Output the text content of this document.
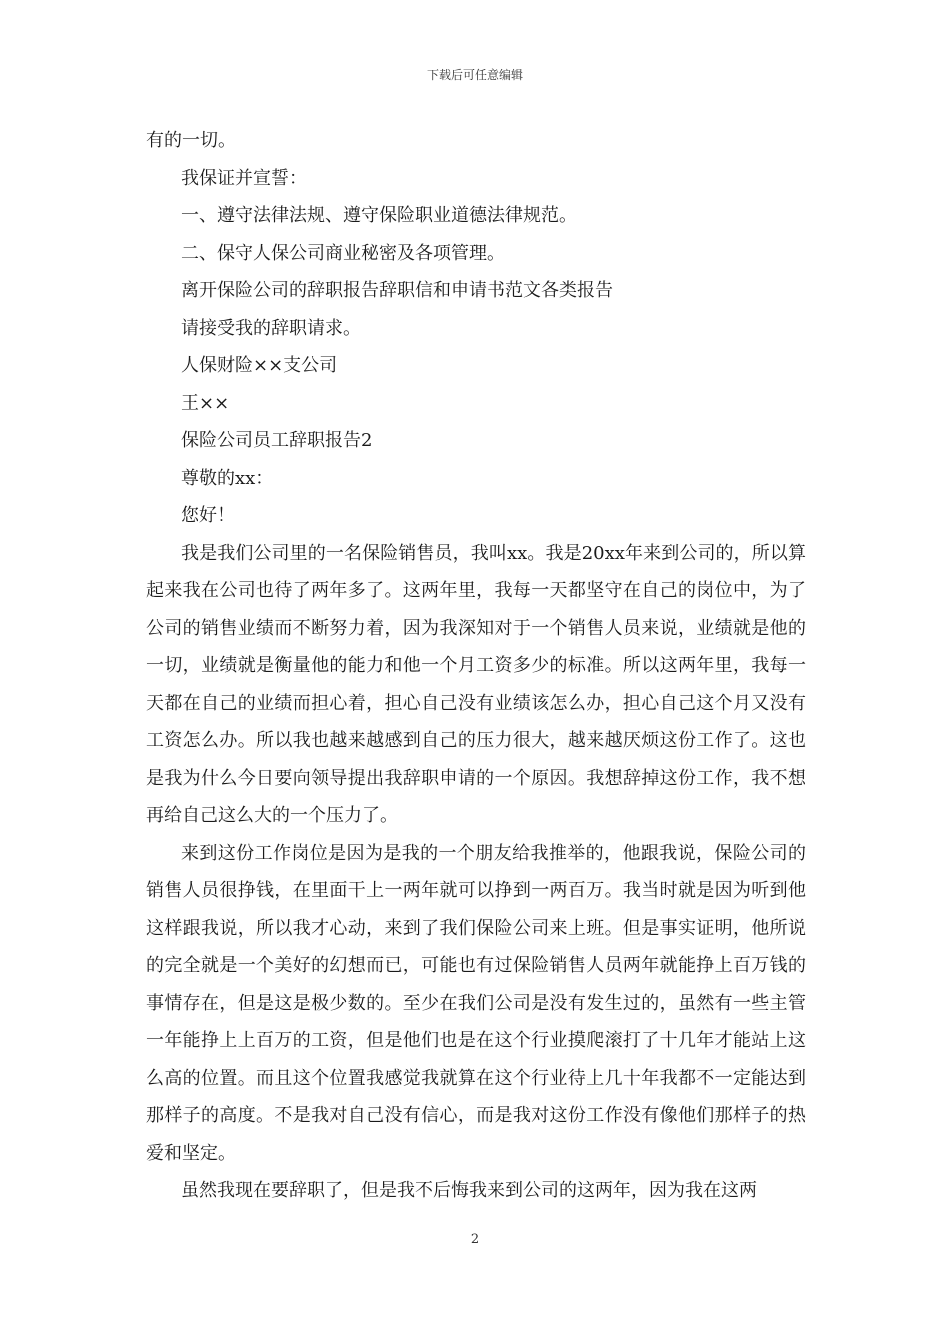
下载后可任意编辑

有的一切。

我保证并宣誓：

一、遵守法律法规、遵守保险职业道德法律规范。

二、保守人保公司商业秘密及各项管理。

离开保险公司的辞职报告辞职信和申请书范文各类报告

请接受我的辞职请求。

人保财险××支公司

王××

保险公司员工辞职报告2

尊敬的xx：

您好！

我是我们公司里的一名保险销售员，我叫xx。我是20xx年来到公司的，所以算起来我在公司也待了两年多了。这两年里，我每一天都坚守在自己的岗位中，为了公司的销售业绩而不断努力着，因为我深知对于一个销售人员来说，业绩就是他的一切，业绩就是衡量他的能力和他一个月工资多少的标准。所以这两年里，我每一天都在自己的业绩而担心着，担心自己没有业绩该怎么办，担心自己这个月又没有工资怎么办。所以我也越来越感到自己的压力很大，越来越厌烦这份工作了。这也是我为什么今日要向领导提出我辞职申请的一个原因。我想辞掉这份工作，我不想再给自己这么大的一个压力了。

来到这份工作岗位是因为是我的一个朋友给我推举的，他跟我说，保险公司的销售人员很挣钱，在里面干上一两年就可以挣到一两百万。我当时就是因为听到他这样跟我说，所以我才心动，来到了我们保险公司来上班。但是事实证明，他所说的完全就是一个美好的幻想而已，可能也有过保险销售人员两年就能挣上百万钱的事情存在，但是这是极少数的。至少在我们公司是没有发生过的，虽然有一些主管一年能挣上上百万的工资，但是他们也是在这个行业摸爬滚打了十几年才能站上这么高的位置。而且这个位置我感觉我就算在这个行业待上几十年我都不一定能达到那样子的高度。不是我对自己没有信心，而是我对这份工作没有像他们那样子的热爱和坚定。

虽然我现在要辞职了，但是我不后悔我来到公司的这两年，因为我在这两

2
